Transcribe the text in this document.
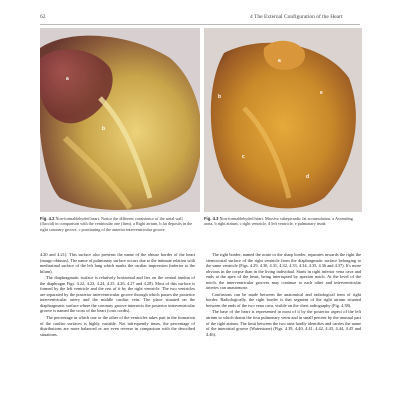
62	4 The External Configuration of the Heart
a
b
a
b
c
d
e
Fig. 4.2 Non-formaldehyded heart. Notice the different consistence of the atrial wall (flaccid) in comparison with the ventricular one (firm). a Right atrium, b fat deposits in the right coronary groove, c positioning of the anterior interventricular groove
Fig. 4.3 Non-formaldehyded heart. Massive subepicardic fat accumulation. a Ascending aorta, b right atrium, c right ventricle, d left ventricle, e pulmonary trunk

4.20 and 4.21). This surface also presents the name of the obtuse border of the heart (margo obtusus). The name of pulmonary surface occurs due to the intimate relation with mediastinal surface of the left lung which marks the cardiac impression (inferior to the hilum).

The diaphragmatic surface is relatively horizontal and lies on the central tendon of the diaphragm Figs. 4.22, 4.23, 4.24, 4.25, 4.26, 4.27 and 4.28). Most of this surface is formed by the left ventricle and the rest of it by the right ventricle. The two ventricles are separated by the posterior interventricular groove through which passes the posterior interventricular artery and the middle cardiac vein. The place situated on the diaphragmatic surface where the coronary groove intersects the posterior interventricular groove is named the cross of the heart (crux cordis).

The percentage in which one or the other of the ventricles takes part in the formation of the cardiac surfaces is highly variable. Not infrequently times, the percentage of distributions are more balanced or are even reverse in comparison with the described situations.

The right border, named the acute or the sharp border, separates inwards the right the sternocostal surface of the right ventricle from the diaphragmatic surface belonging to the same ventricle (Figs. 4.29, 4.30, 4.31, 4.32, 4.33, 4.34, 4.35, 4.36 and 4.37). It's more obvious in the corpse than in the living individual. Starts in right inferior vena cava and ends at the apex of the heart, being interrupted by apexian notch. At the level of the notch, the interventricular grooves may continue to each other and interventricular arteries can anastomose.

Confusions can be made between the anatomical and radiological term of right border. Radiologically, the right border is that segment of the right atrium situated between the ends of the two vena cava, visible on the chest radiography (Fig. 4.38).

The base of the heart is represented in most of it by the posterior aspect of the left atrium to which drains the four pulmonary veins and in small percent by the unusual part of the right atrium. The limit between the two atria hardly identifies and carries the name of the interatrial groove (Waterstone) (Figs. 4.39, 4.40, 4.41, 4.42, 4.43, 4.44, 4.45 and 4.46).
